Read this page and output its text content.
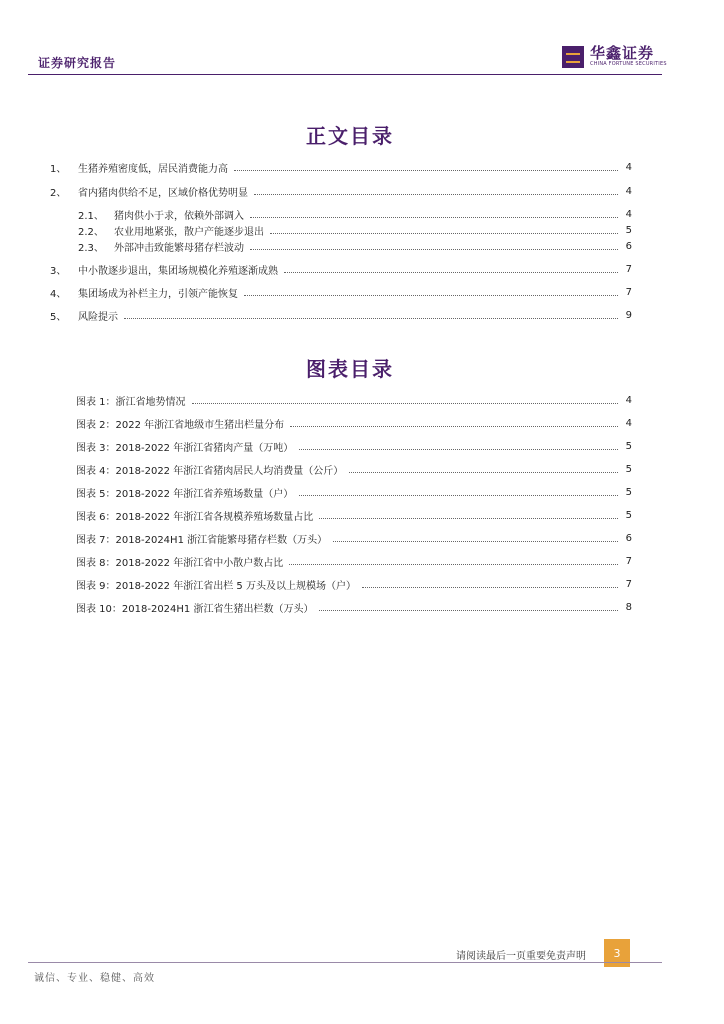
证券研究报告
华鑫证券
CHINA FORTUNE SECURITIES
正文目录
1、	生猪养殖密度低，居民消费能力高	4
2、	省内猪肉供给不足，区域价格优势明显	4
2.1、	猪肉供小于求，依赖外部调入	4
2.2、	农业用地紧张，散户产能逐步退出	5
2.3、	外部冲击致能繁母猪存栏波动	6
3、	中小散逐步退出，集团场规模化养殖逐渐成熟	7
4、	集团场成为补栏主力，引领产能恢复	7
5、	风险提示	9
图表目录
图表 1：浙江省地势情况	4
图表 2：2022 年浙江省地级市生猪出栏量分布	4
图表 3：2018-2022 年浙江省猪肉产量（万吨）	5
图表 4：2018-2022 年浙江省猪肉居民人均消费量（公斤）	5
图表 5：2018-2022 年浙江省养殖场数量（户）	5
图表 6：2018-2022 年浙江省各规模养殖场数量占比	5
图表 7：2018-2024H1 浙江省能繁母猪存栏数（万头）	6
图表 8：2018-2022 年浙江省中小散户数占比	7
图表 9：2018-2022 年浙江省出栏 5 万头及以上规模场（户）	7
图表 10：2018-2024H1 浙江省生猪出栏数（万头）	8
请阅读最后一页重要免责声明	3
诚信、专业、稳健、高效
